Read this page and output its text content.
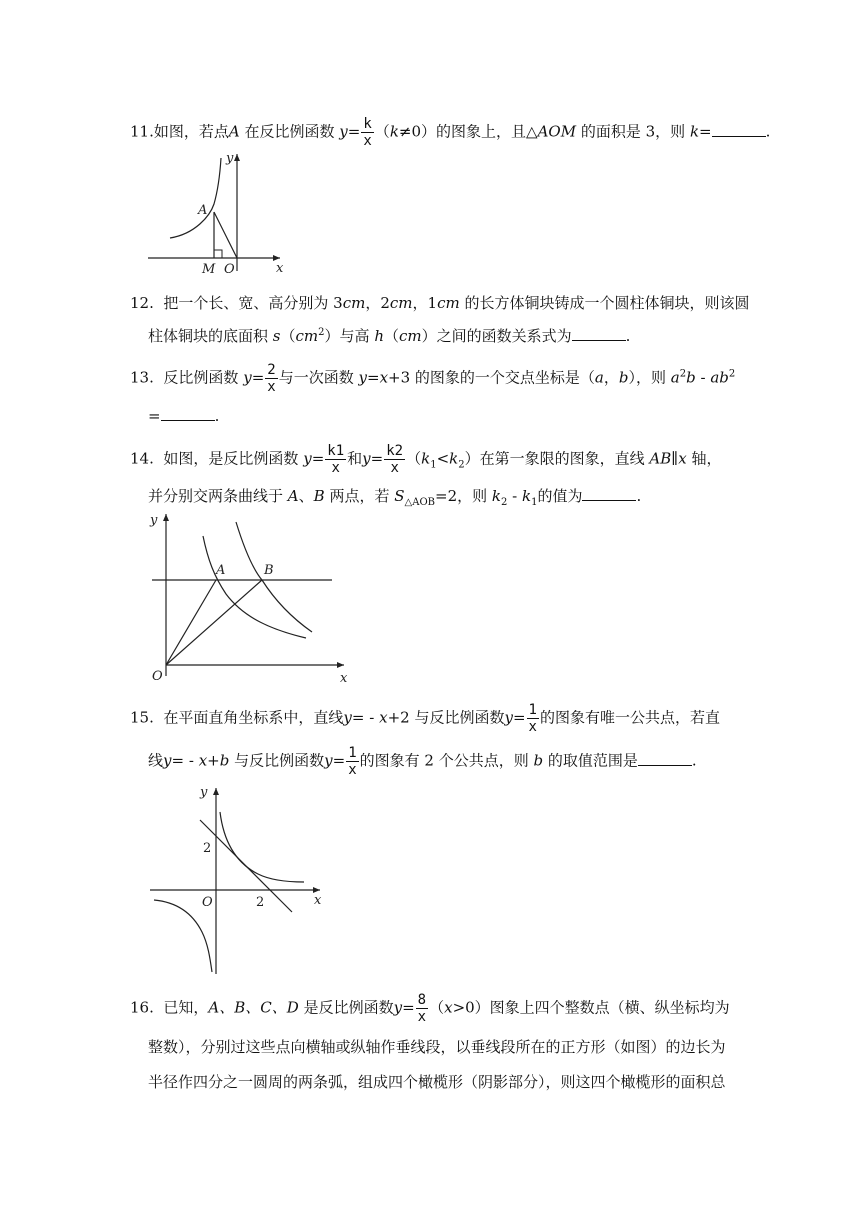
11.如图，若点A 在反比例函数 $y= \frac{k}{x} (k\ne 0)$的图象上，且△AOM 的面积是 3，则 k=	.
y
A
M O	x
12. 把一个长、宽、高分别为 3cm，2cm，1cm 的长方体铜块铸成一个圆柱体铜块，则该圆
柱体铜块的底面积 $s(cm^2)$与高 h（cm）之间的函数关系式为	.
13. 反比例函数 $y= \frac{2}{x}$ 与一次函数 y=x+3 的图象的一个交点坐标是（a，b），则 $a^2b - ab^2$
=	.
14. 如图，是反比例函数 $y= \frac{k1}{x}$ 和$y= \frac{k2}{x} (k_1<k_2)$在第一象限的图象，直线 AB∥x 轴，
并分别交两条曲线于 A、B 两点，若 $S_{\triangle AOB}=2$，则 $k_2 - k_1$的值为	.
y
A	B
O	x
15. 在平面直角坐标系中，直线y= - x+2 与反比例函数$y= \frac{1}{x}$ 的图象有唯一公共点，若直
线y= - x+b 与反比例函数$y= \frac{1}{x}$ 的图象有 2 个公共点，则 b 的取值范围是	.
y
2
O	2	x
16. 已知，A、B、C、D 是反比例函数$y= \frac{8}{x} (x>0)$图象上四个整数点（横、纵坐标均为
整数），分别过这些点向横轴或纵轴作垂线段，以垂线段所在的正方形（如图）的边长为
半径作四分之一圆周的两条弧，组成四个橄榄形（阴影部分），则这四个橄榄形的面积总
